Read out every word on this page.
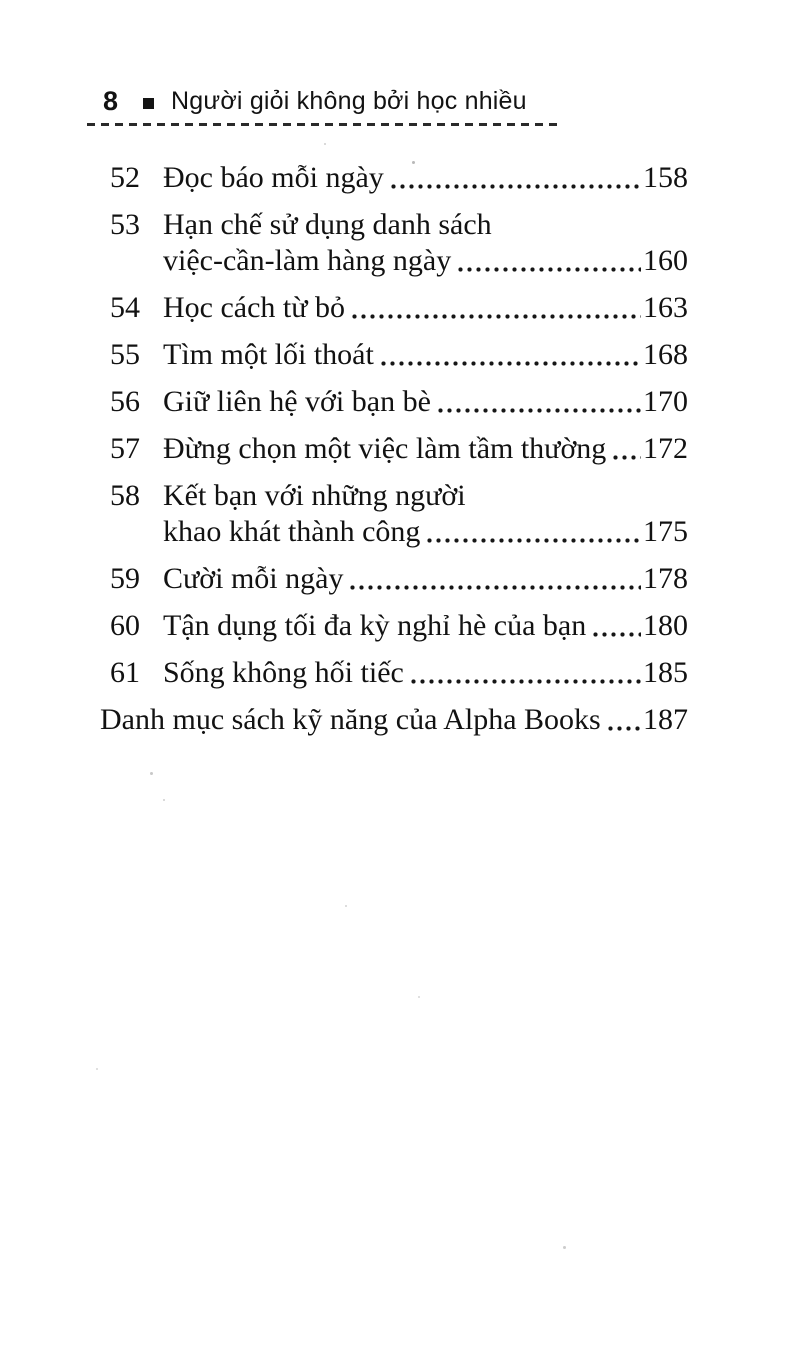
8 Người giỏi không bởi học nhiều
52 Đọc báo mỗi ngày	158
53 Hạn chế sử dụng danh sách
việc-cần-làm hàng ngày	160
54 Học cách từ bỏ	163
55 Tìm một lối thoát	168
56 Giữ liên hệ với bạn bè	170
57 Đừng chọn một việc làm tầm thường 172
58 Kết bạn với những người
khao khát thành công	175
59 Cười mỗi ngày	178
60 Tận dụng tối đa kỳ nghỉ hè của bạn 180
61 Sống không hối tiếc	185
Danh mục sách kỹ năng của Alpha Books 187
